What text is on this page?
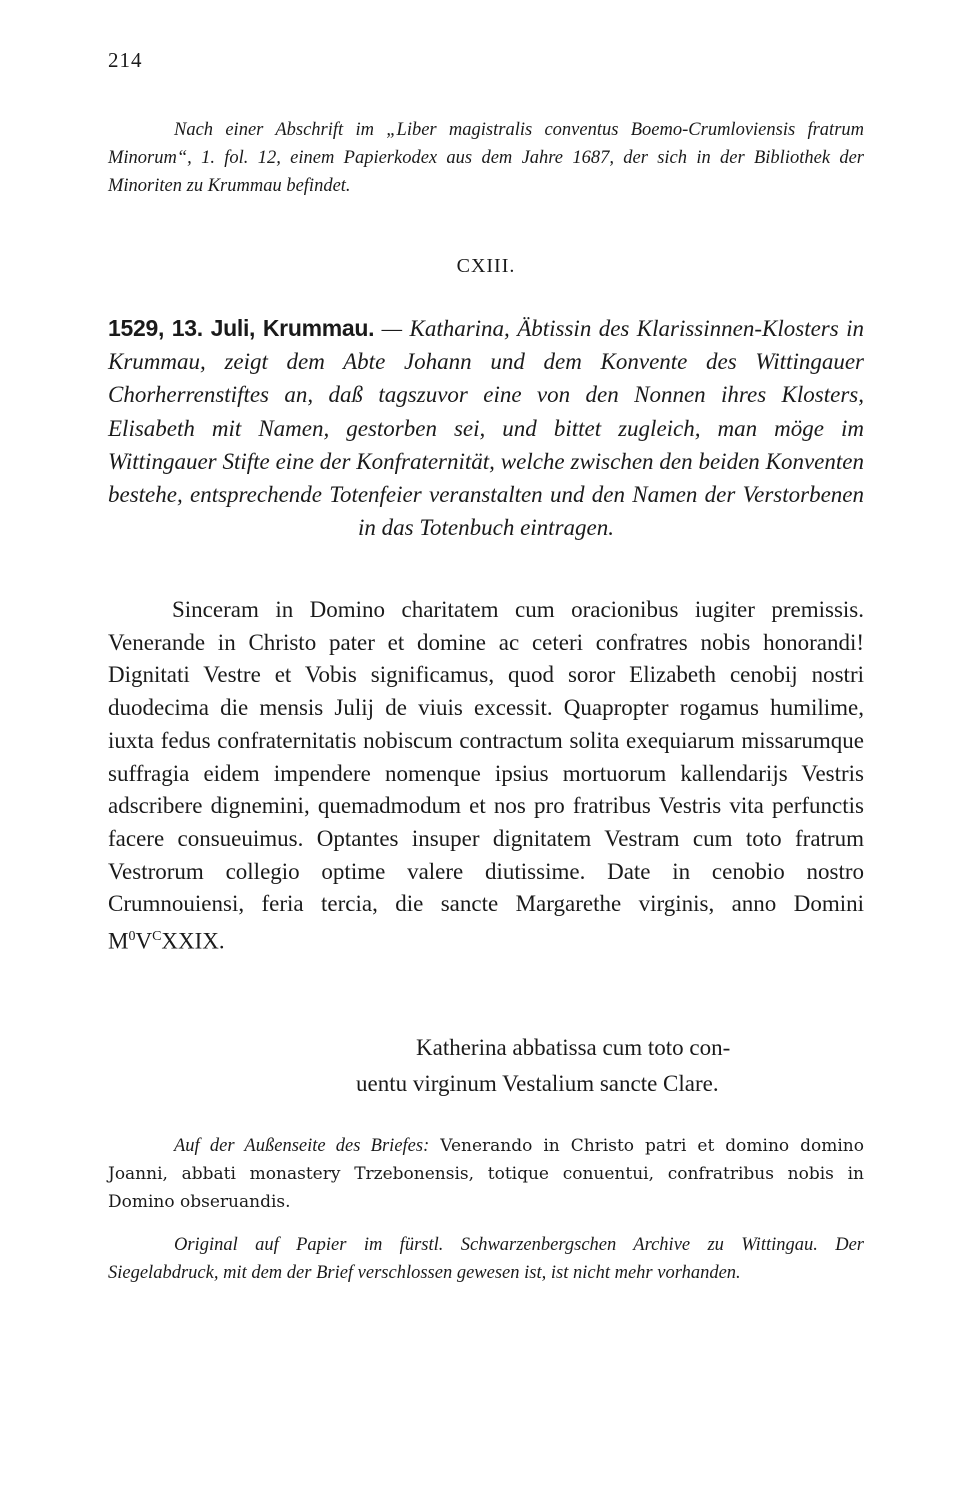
214
Nach einer Abschrift im „Liber magistralis conventus Boemo-Crumloviensis fratrum Minorum“, 1. fol. 12, einem Papierkodex aus dem Jahre 1687, der sich in der Bibliothek der Minoriten zu Krummau befindet.
CXIII.
1529, 13. Juli, Krummau. — Katharina, Äbtissin des Klarissinnen-Klosters in Krummau, zeigt dem Abte Johann und dem Konvente des Wittingauer Chorherrenstiftes an, daß tagszuvor eine von den Nonnen ihres Klosters, Elisabeth mit Namen, gestorben sei, und bittet zugleich, man möge im Wittingauer Stifte eine der Konfraternität, welche zwischen den beiden Konventen bestehe, entsprechende Totenfeier veranstalten und den Namen der Verstorbenen in das Totenbuch eintragen.
Sinceram in Domino charitatem cum oracionibus iugiter premissis. Venerande in Christo pater et domine ac ceteri confratres nobis honorandi! Dignitati Vestre et Vobis significamus, quod soror Elizabeth cenobij nostri duodecima die mensis Julij de viuis excessit. Quapropter rogamus humilime, iuxta fedus confraternitatis nobiscum contractum solita exequiarum missarumque suffragia eidem impendere nomenque ipsius mortuorum kallendarijs Vestris adscribere dignemini, quemadmodum et nos pro fratribus Vestris vita perfunctis facere consueuimus. Optantes insuper dignitatem Vestram cum toto fratrum Vestrorum collegio optime valere diutissime. Date in cenobio nostro Crumnouiensi, feria tercia, die sancte Margarethe virginis, anno Domini $M^0V^CXXIX$.
Katherina abbatissa cum toto con-
uentu virginum Vestalium sancte Clare.
Auf der Außenseite des Briefes: Venerando in Christo patri et domino domino Joanni, abbati monastery Trzebonensis, totique conuentui, confratribus nobis in Domino obseruandis.
Original auf Papier im fürstl. Schwarzenbergschen Archive zu Wittingau. Der Siegelabdruck, mit dem der Brief verschlossen gewesen ist, ist nicht mehr vorhanden.
